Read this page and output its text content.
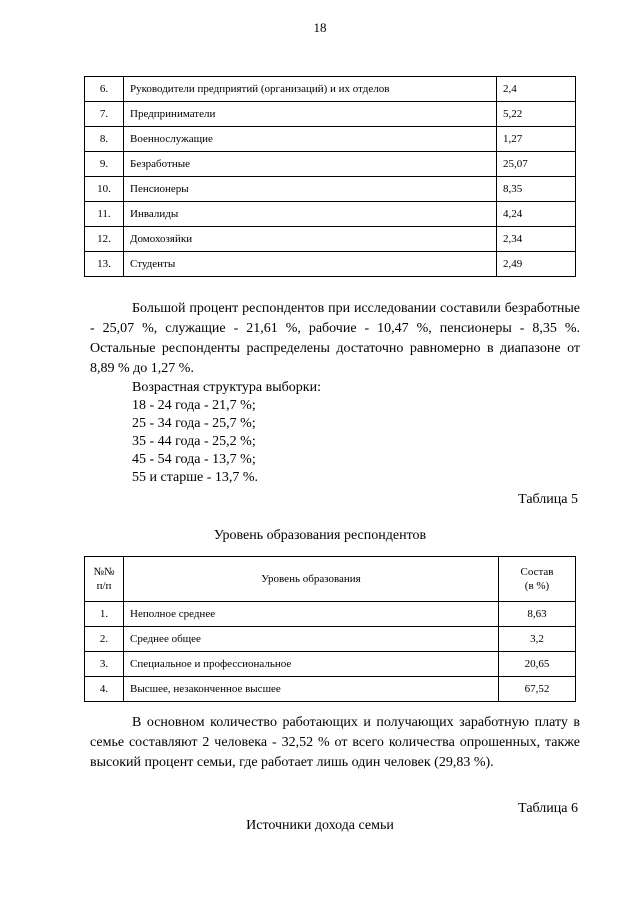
18
6.	Руководители предприятий (организаций) и их отделов	2,4
7.	Предприниматели	5,22
8.	Военнослужащие	1,27
9.	Безработные	25,07
10.	Пенсионеры	8,35
11.	Инвалиды	4,24
12.	Домохозяйки	2,34
13.	Студенты	2,49

Большой процент респондентов при исследовании составили безработные - 25,07 %, служащие - 21,61 %, рабочие - 10,47 %, пенсионеры - 8,35 %. Остальные респонденты распределены достаточно равномерно в диапазоне от 8,89 % до 1,27 %.

Возрастная структура выборки:
18 - 24 года - 21,7 %;
25 - 34 года - 25,7 %;
35 - 44 года - 25,2 %;
45 - 54 года - 13,7 %;
55 и старше - 13,7 %.
Таблица 5
Уровень образования респондентов
№№
п/п	Уровень образования	Состав
(в %)
1.	Неполное среднее	8,63
2.	Среднее общее	3,2
3.	Специальное и профессиональное	20,65
4.	Высшее, незаконченное высшее	67,52

В основном количество работающих и получающих заработную плату в семье составляют 2 человека - 32,52 % от всего количества опрошенных, также высокий процент семьи, где работает лишь один человек (29,83 %).

Таблица 6
Источники дохода семьи
